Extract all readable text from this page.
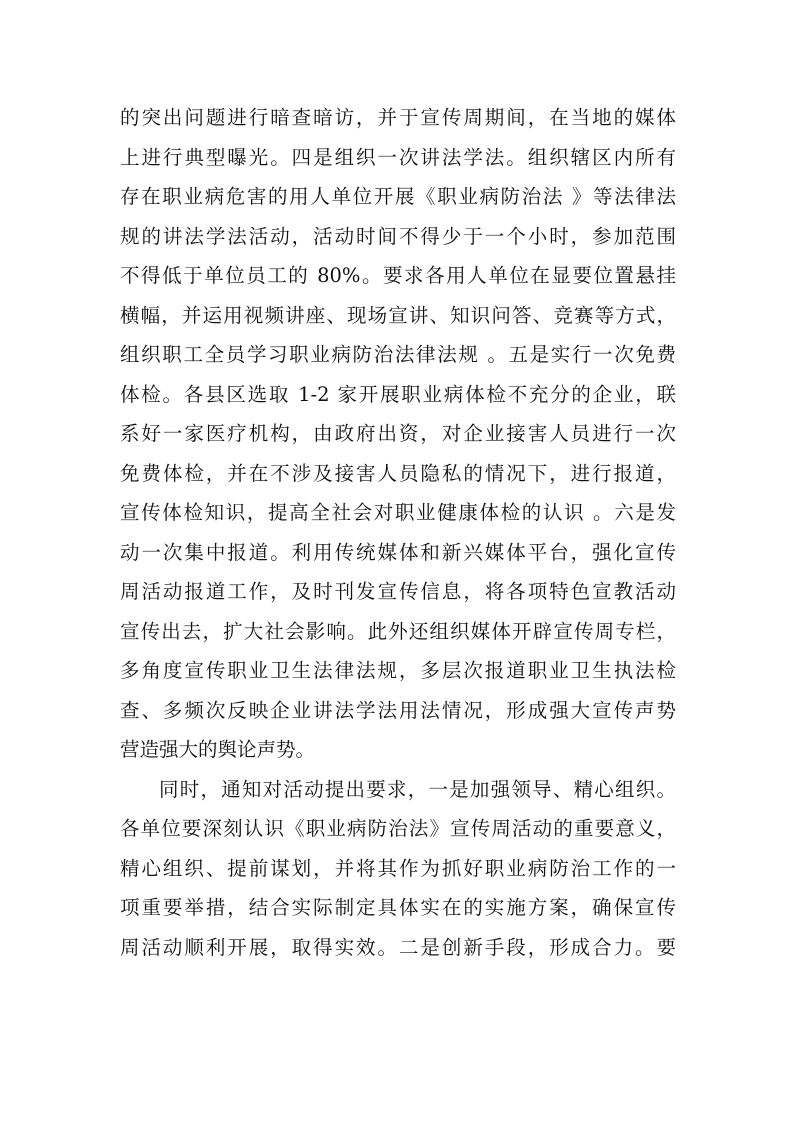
的突出问题进行暗查暗访，并于宣传周期间，在当地的媒体
上进行典型曝光。四是组织一次讲法学法。组织辖区内所有
存在职业病危害的用人单位开展《职业病防治法 》等法律法
规的讲法学法活动，活动时间不得少于一个小时，参加范围
不得低于单位员工的 80%。要求各用人单位在显要位置悬挂
横幅，并运用视频讲座、现场宣讲、知识问答、竞赛等方式，
组织职工全员学习职业病防治法律法规 。五是实行一次免费
体检。各县区选取 1-2 家开展职业病体检不充分的企业，联
系好一家医疗机构，由政府出资，对企业接害人员进行一次
免费体检，并在不涉及接害人员隐私的情况下，进行报道，
宣传体检知识，提高全社会对职业健康体检的认识 。六是发
动一次集中报道。利用传统媒体和新兴媒体平台，强化宣传
周活动报道工作，及时刊发宣传信息，将各项特色宣教活动
宣传出去，扩大社会影响。此外还组织媒体开辟宣传周专栏，
多角度宣传职业卫生法律法规，多层次报道职业卫生执法检
查、多频次反映企业讲法学法用法情况，形成强大宣传声势
营造强大的舆论声势。
同时，通知对活动提出要求，一是加强领导、精心组织。
各单位要深刻认识《职业病防治法》宣传周活动的重要意义，
精心组织、提前谋划，并将其作为抓好职业病防治工作的一
项重要举措，结合实际制定具体实在的实施方案，确保宣传
周活动顺利开展，取得实效。二是创新手段，形成合力。要
